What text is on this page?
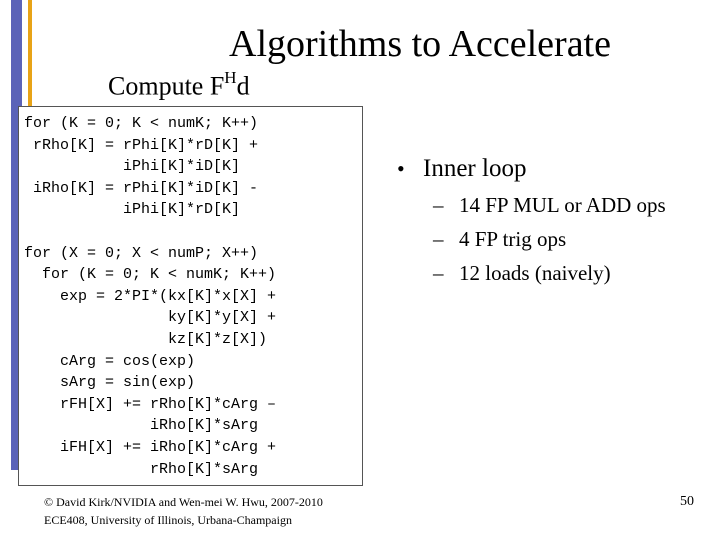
Algorithms to Accelerate
Compute $F^Hd$
for (K = 0; K < numK; K++)
rRho[K] = rPhi[K]*rD[K] +
iPhi[K]*iD[K]
iRho[K] = rPhi[K]*iD[K] -
iPhi[K]*rD[K]

for (X = 0; X < numP; X++)
for (K = 0; K < numK; K++)
exp = 2*PI*(kx[K]*x[X] +
ky[K]*y[X] +
kz[K]*z[X])
cArg = cos(exp)
sArg = sin(exp)
rFH[X] += rRho[K]*cArg –
iRho[K]*sArg
iFH[X] += iRho[K]*cArg +
rRho[K]*sArg
• Inner loop
– 14 FP MUL or ADD ops
– 4 FP trig ops
– 12 loads (naively)
© David Kirk/NVIDIA and Wen-mei W. Hwu, 2007-2010
ECE408, University of Illinois, Urbana-Champaign
50
